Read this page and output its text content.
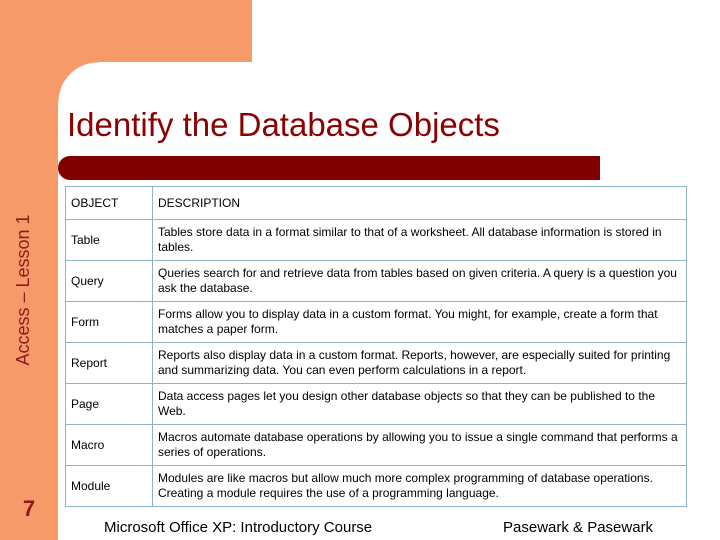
Access – Lesson 1
7
Identify the Database Objects
OBJECT	DESCRIPTION
Table	Tables store data in a format similar to that of a worksheet. All database information is stored in tables.
Query	Queries search for and retrieve data from tables based on given criteria. A query is a question you ask the database.
Form	Forms allow you to display data in a custom format. You might, for example, create a form that matches a paper form.
Report	Reports also display data in a custom format. Reports, however, are especially suited for printing and summarizing data. You can even perform calculations in a report.
Page	Data access pages let you design other database objects so that they can be published to the Web.
Macro	Macros automate database operations by allowing you to issue a single command that performs a series of operations.
Module	Modules are like macros but allow much more complex programming of database operations. Creating a module requires the use of a programming language.
Microsoft Office XP: Introductory Course	Pasewark & Pasewark
